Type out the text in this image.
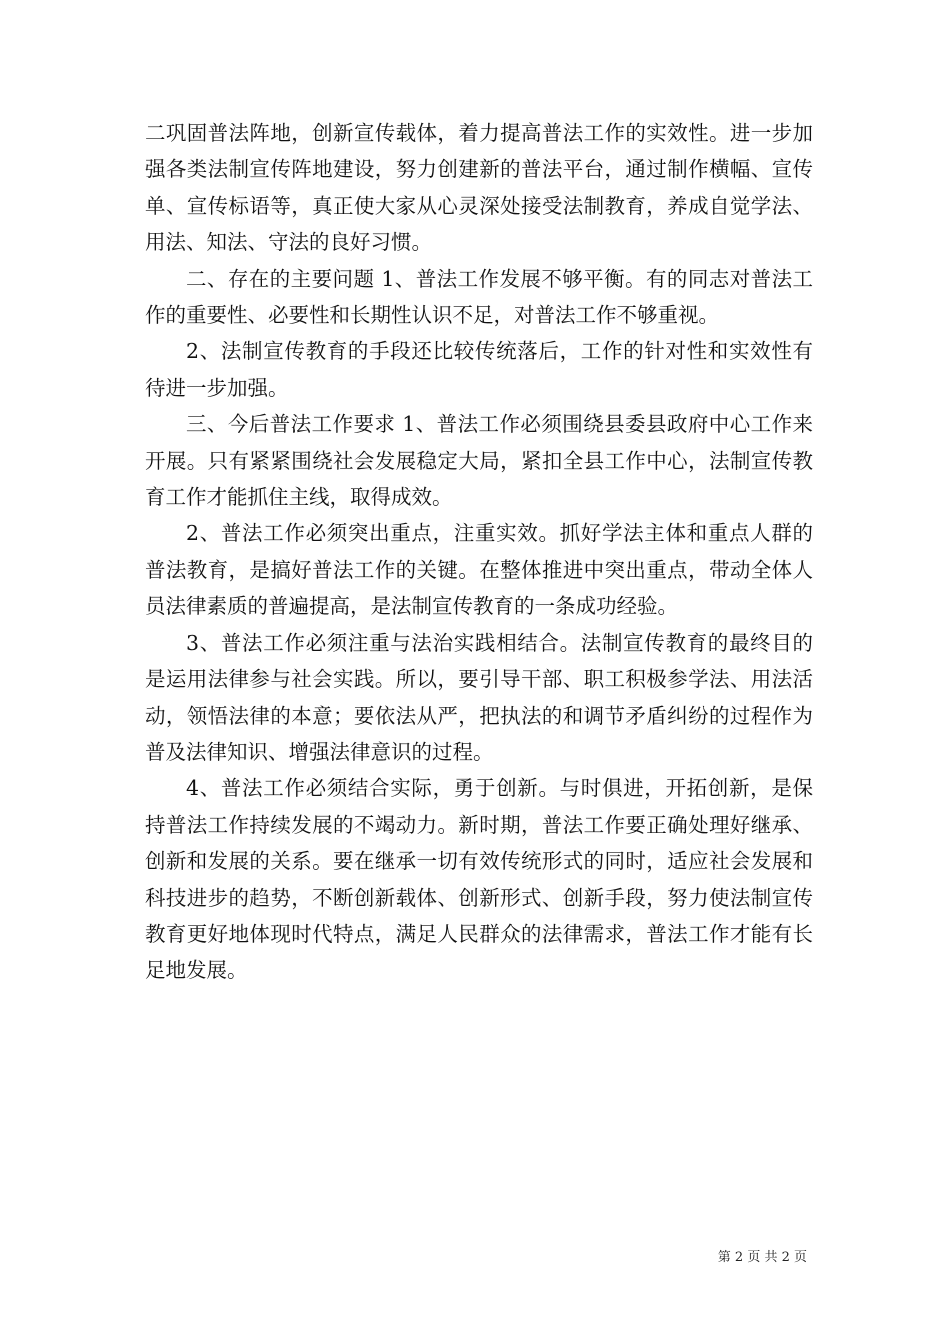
二巩固普法阵地，创新宣传载体，着力提高普法工作的实效性。进一步加强各类法制宣传阵地建设，努力创建新的普法平台，通过制作横幅、宣传单、宣传标语等，真正使大家从心灵深处接受法制教育，养成自觉学法、用法、知法、守法的良好习惯。

二、存在的主要问题 1、普法工作发展不够平衡。有的同志对普法工作的重要性、必要性和长期性认识不足，对普法工作不够重视。

2、法制宣传教育的手段还比较传统落后，工作的针对性和实效性有待进一步加强。

三、今后普法工作要求 1、普法工作必须围绕县委县政府中心工作来开展。只有紧紧围绕社会发展稳定大局，紧扣全县工作中心，法制宣传教育工作才能抓住主线，取得成效。

2、普法工作必须突出重点，注重实效。抓好学法主体和重点人群的普法教育，是搞好普法工作的关键。在整体推进中突出重点，带动全体人员法律素质的普遍提高，是法制宣传教育的一条成功经验。

3、普法工作必须注重与法治实践相结合。法制宣传教育的最终目的是运用法律参与社会实践。所以，要引导干部、职工积极参学法、用法活动，领悟法律的本意；要依法从严，把执法的和调节矛盾纠纷的过程作为普及法律知识、增强法律意识的过程。

4、普法工作必须结合实际，勇于创新。与时俱进，开拓创新，是保持普法工作持续发展的不竭动力。新时期，普法工作要正确处理好继承、创新和发展的关系。要在继承一切有效传统形式的同时，适应社会发展和科技进步的趋势，不断创新载体、创新形式、创新手段，努力使法制宣传教育更好地体现时代特点，满足人民群众的法律需求，普法工作才能有长足地发展。

第 2 页 共 2 页
